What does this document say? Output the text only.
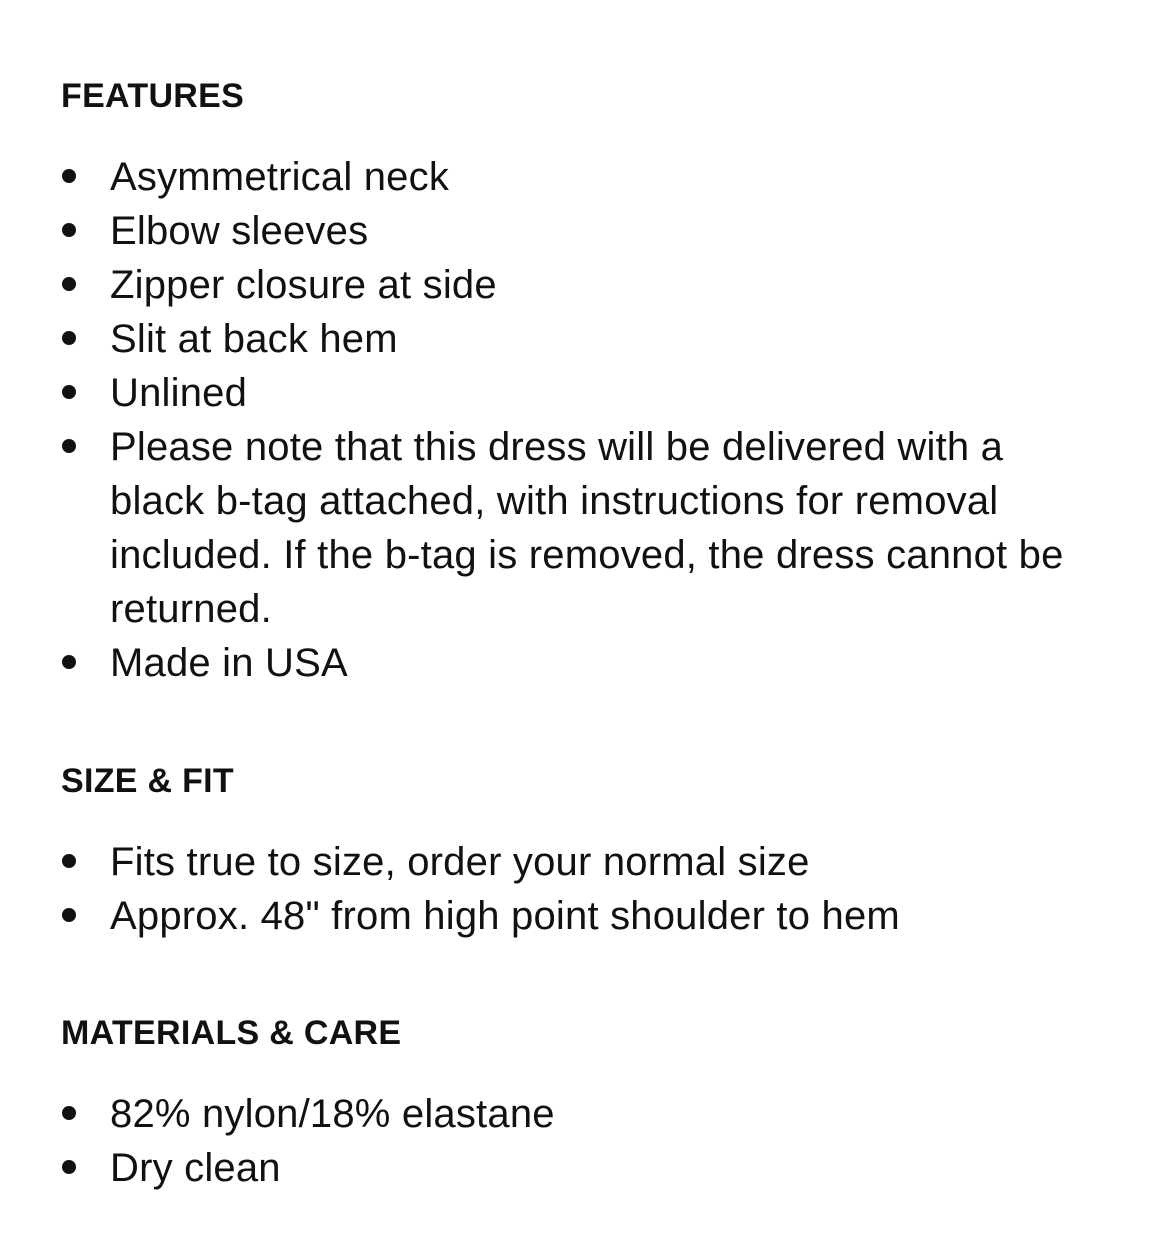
FEATURES
Asymmetrical neck
Elbow sleeves
Zipper closure at side
Slit at back hem
Unlined
Please note that this dress will be delivered with a black b-tag attached, with instructions for removal included. If the b-tag is removed, the dress cannot be returned.
Made in USA
SIZE & FIT
Fits true to size, order your normal size
Approx. 48" from high point shoulder to hem
MATERIALS & CARE
82% nylon/18% elastane
Dry clean
